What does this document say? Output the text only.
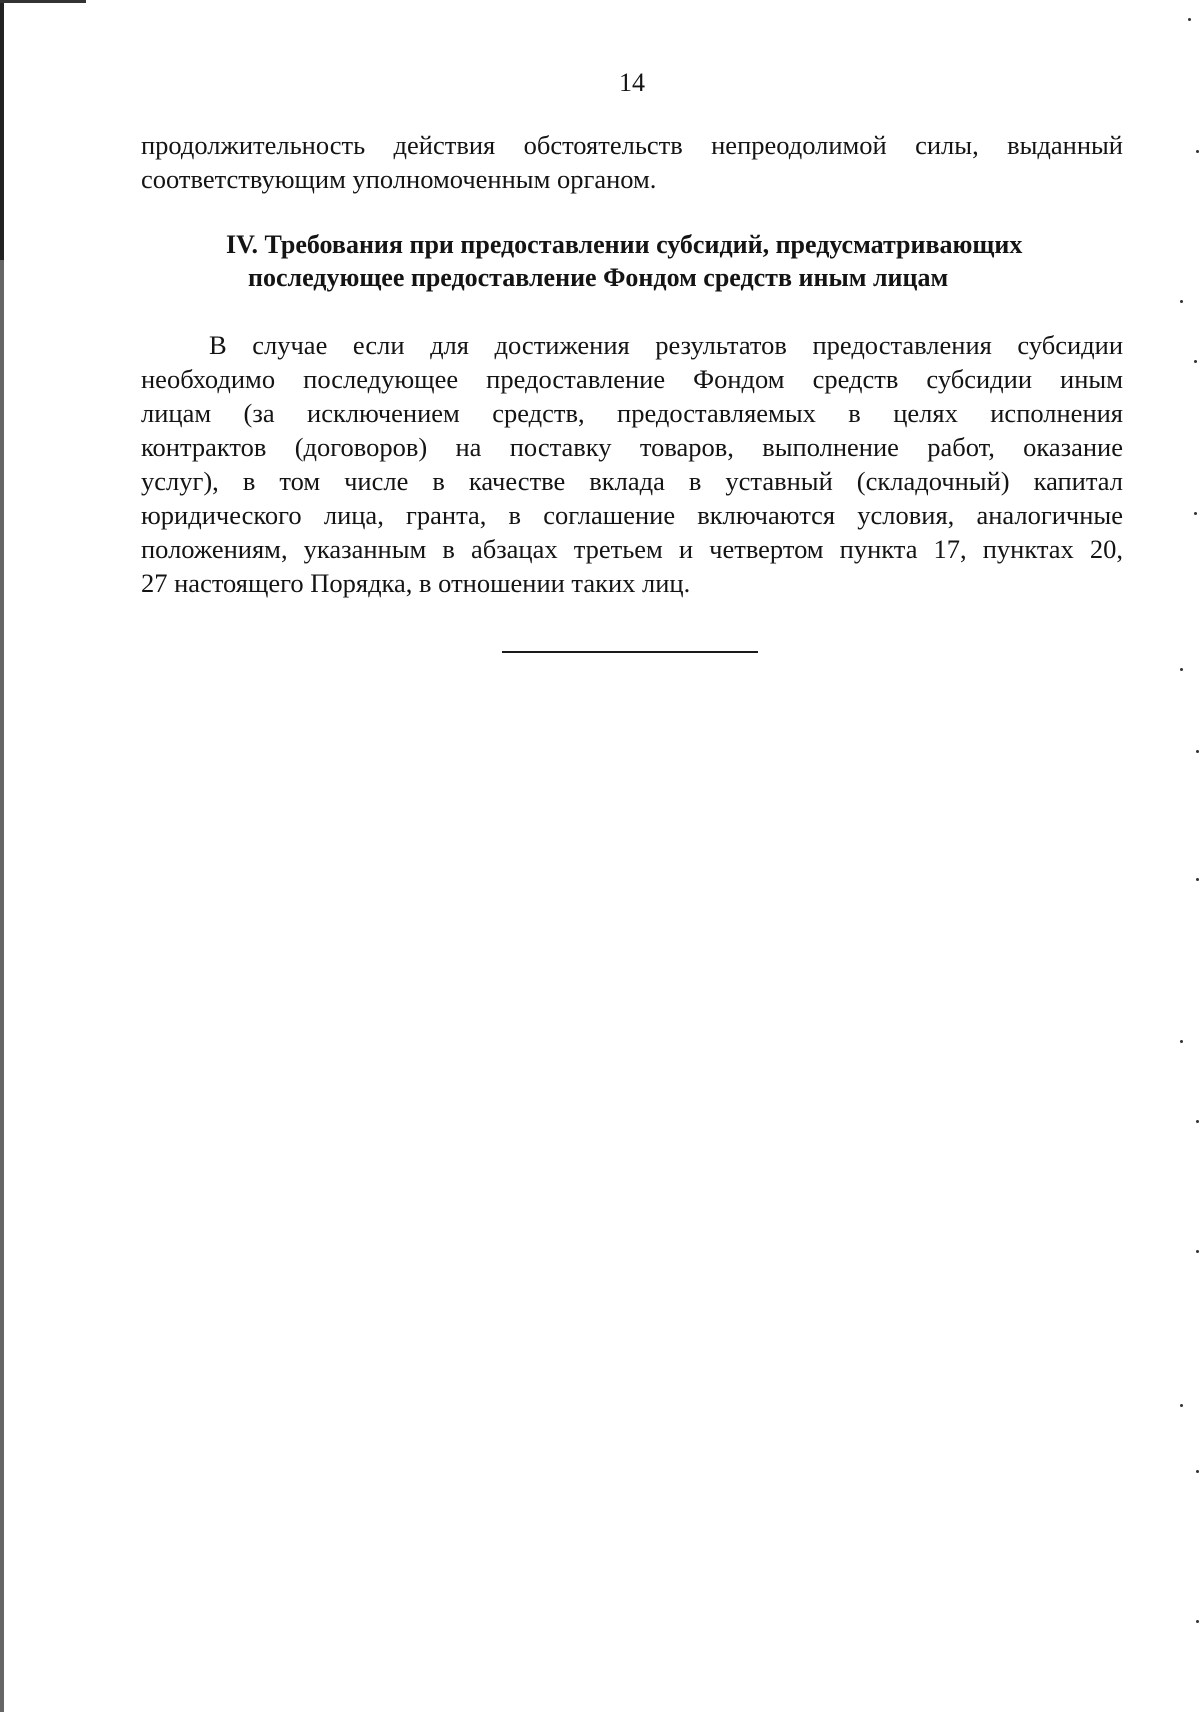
14
продолжительность действия обстоятельств непреодолимой силы, выданный
соответствующим уполномоченным органом.
IV. Требования при предоставлении субсидий, предусматривающих
последующее предоставление Фондом средств иным лицам
В случае если для достижения результатов предоставления субсидии
необходимо последующее предоставление Фондом средств субсидии иным
лицам (за исключением средств, предоставляемых в целях исполнения
контрактов (договоров) на поставку товаров, выполнение работ, оказание
услуг), в том числе в качестве вклада в уставный (складочный) капитал
юридического лица, гранта, в соглашение включаются условия, аналогичные
положениям, указанным в абзацах третьем и четвертом пункта 17, пунктах 20,
27 настоящего Порядка, в отношении таких лиц.
